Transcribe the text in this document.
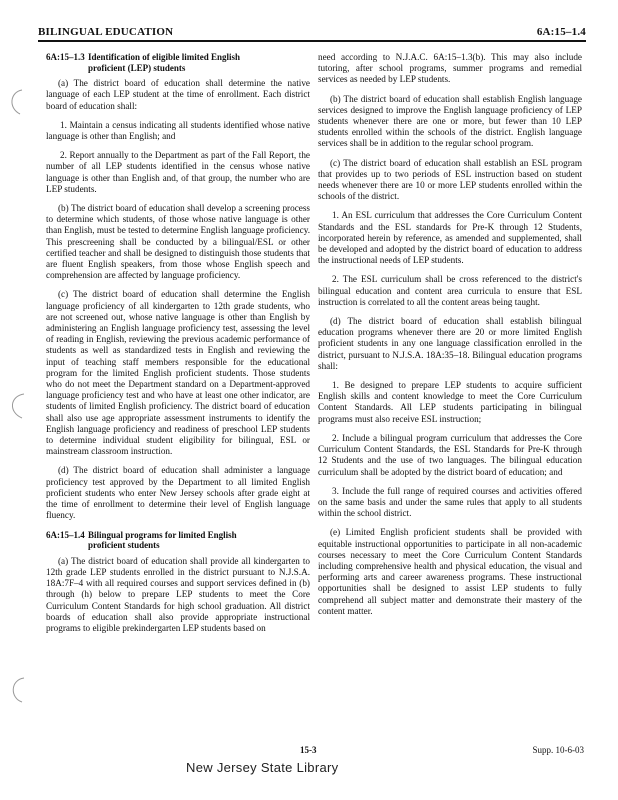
BILINGUAL EDUCATION	6A:15–1.4
6A:15–1.3 Identification of eligible limited English
proficient (LEP) students

(a) The district board of education shall determine the native language of each LEP student at the time of enrollment. Each district board of education shall:

1. Maintain a census indicating all students identified whose native language is other than English; and

2. Report annually to the Department as part of the Fall Report, the number of all LEP students identified in the census whose native language is other than English and, of that group, the number who are LEP students.

(b) The district board of education shall develop a screening process to determine which students, of those whose native language is other than English, must be tested to determine English language proficiency. This prescreening shall be conducted by a bilingual/ESL or other certified teacher and shall be designed to distinguish those students that are fluent English speakers, from those whose English speech and comprehension are affected by language proficiency.

(c) The district board of education shall determine the English language proficiency of all kindergarten to 12th grade students, who are not screened out, whose native language is other than English by administering an English language proficiency test, assessing the level of reading in English, reviewing the previous academic performance of students as well as standardized tests in English and reviewing the input of teaching staff members responsible for the educational program for the limited English proficient students. Those students who do not meet the Department standard on a Department-approved language proficiency test and who have at least one other indicator, are students of limited English proficiency. The district board of education shall also use age appropriate assessment instruments to identify the English language proficiency and readiness of preschool LEP students to determine individual student eligibility for bilingual, ESL or mainstream classroom instruction.

(d) The district board of education shall administer a language proficiency test approved by the Department to all limited English proficient students who enter New Jersey schools after grade eight at the time of enrollment to determine their level of English language fluency.

6A:15–1.4 Bilingual programs for limited English
proficient students

(a) The district board of education shall provide all kindergarten to 12th grade LEP students enrolled in the district pursuant to N.J.S.A. 18A:7F–4 with all required courses and support services defined in (b) through (h) below to prepare LEP students to meet the Core Curriculum Content Standards for high school graduation. All district boards of education shall also provide appropriate instructional programs to eligible prekindergarten LEP students based on

need according to N.J.A.C. 6A:15–1.3(b). This may also include tutoring, after school programs, summer programs and remedial services as needed by LEP students.

(b) The district board of education shall establish English language services designed to improve the English language proficiency of LEP students whenever there are one or more, but fewer than 10 LEP students enrolled within the schools of the district. English language services shall be in addition to the regular school program.

(c) The district board of education shall establish an ESL program that provides up to two periods of ESL instruction based on student needs whenever there are 10 or more LEP students enrolled within the schools of the district.

1. An ESL curriculum that addresses the Core Curriculum Content Standards and the ESL standards for Pre-K through 12 Students, incorporated herein by reference, as amended and supplemented, shall be developed and adopted by the district board of education to address the instructional needs of LEP students.

2. The ESL curriculum shall be cross referenced to the district's bilingual education and content area curricula to ensure that ESL instruction is correlated to all the content areas being taught.

(d) The district board of education shall establish bilingual education programs whenever there are 20 or more limited English proficient students in any one language classification enrolled in the district, pursuant to N.J.S.A. 18A:35–18. Bilingual education programs shall:

1. Be designed to prepare LEP students to acquire sufficient English skills and content knowledge to meet the Core Curriculum Content Standards. All LEP students participating in bilingual programs must also receive ESL instruction;

2. Include a bilingual program curriculum that addresses the Core Curriculum Content Standards, the ESL Standards for Pre-K through 12 Students and the use of two languages. The bilingual education curriculum shall be adopted by the district board of education; and

3. Include the full range of required courses and activities offered on the same basis and under the same rules that apply to all students within the school district.

(e) Limited English proficient students shall be provided with equitable instructional opportunities to participate in all non-academic courses necessary to meet the Core Curriculum Content Standards including comprehensive health and physical education, the visual and performing arts and career awareness programs. These instructional opportunities shall be designed to assist LEP students to fully comprehend all subject matter and demonstrate their mastery of the content matter.

15-3	Supp. 10-6-03
New Jersey State Library
